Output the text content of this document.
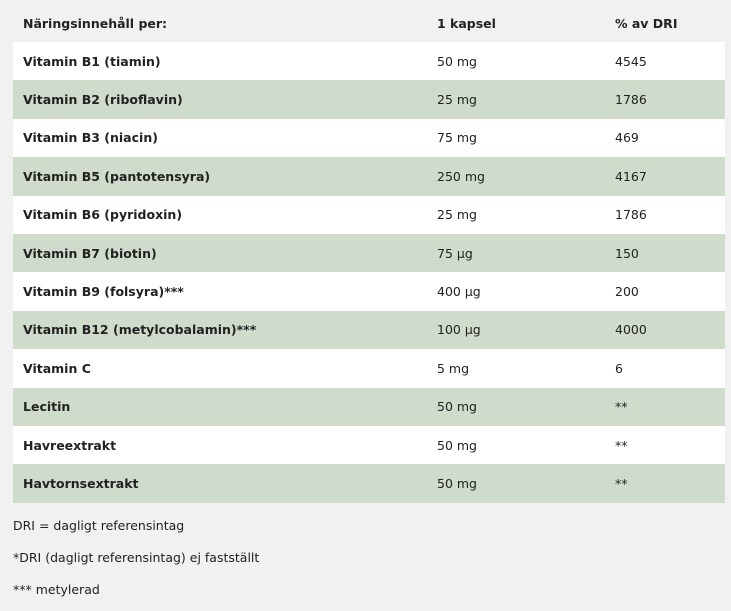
Näringsinnehåll per:	1 kapsel	% av DRI
Vitamin B1 (tiamin)	50 mg	4545
Vitamin B2 (riboflavin)	25 mg	1786
Vitamin B3 (niacin)	75 mg	469
Vitamin B5 (pantotensyra)	250 mg	4167
Vitamin B6 (pyridoxin)	25 mg	1786
Vitamin B7 (biotin)	75 µg	150
Vitamin B9 (folsyra)***	400 µg	200
Vitamin B12 (metylcobalamin)***	100 µg	4000
Vitamin C	5 mg	6
Lecitin	50 mg	**
Havreextrakt	50 mg	**
Havtornsextrakt	50 mg	**
DRI = dagligt referensintag
*DRI (dagligt referensintag) ej fastställt
*** metylerad
